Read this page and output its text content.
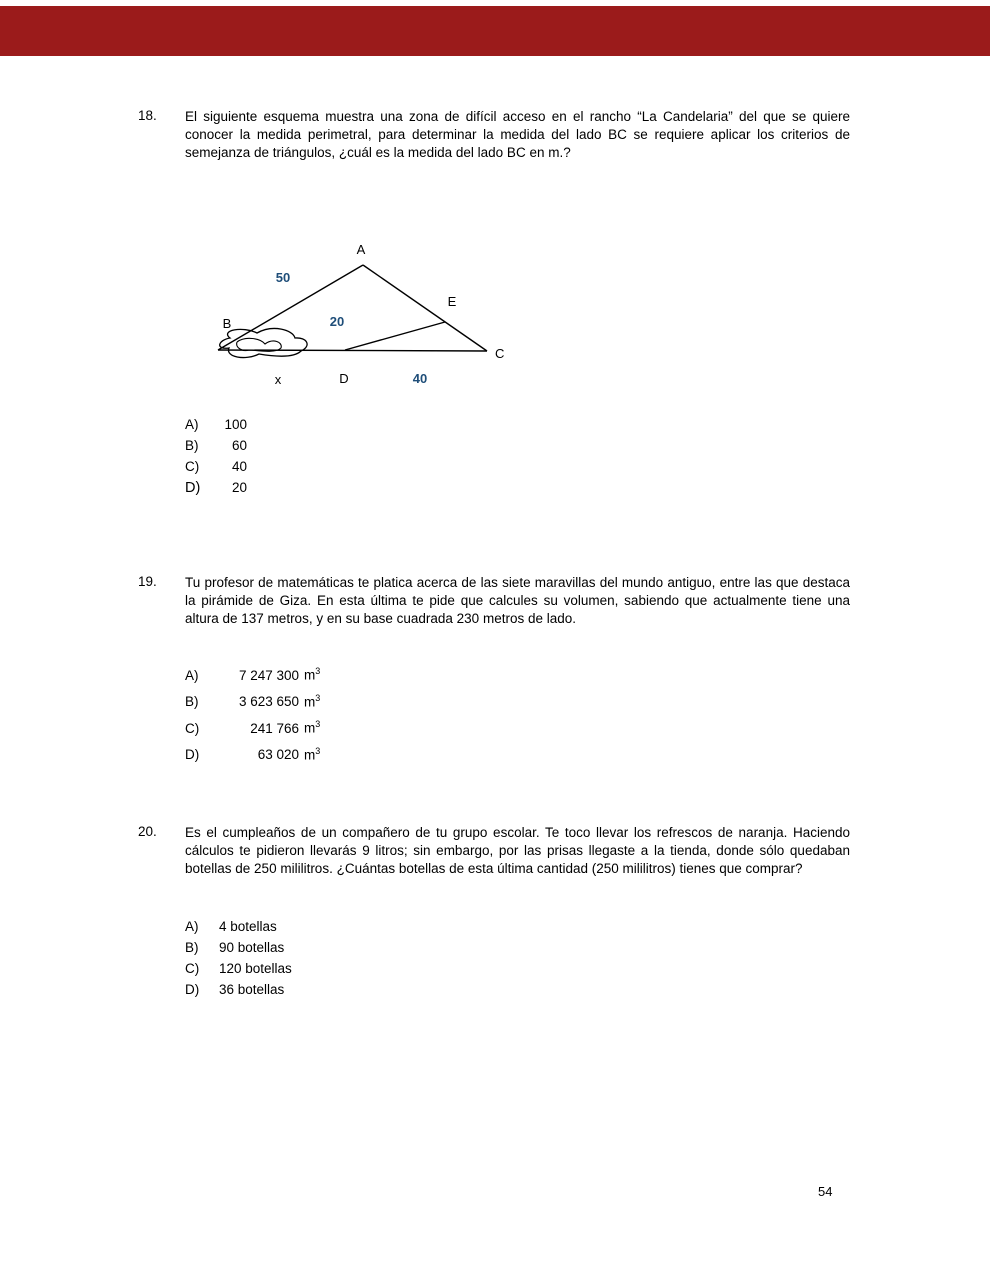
18.	El siguiente esquema muestra una zona de difícil acceso en el rancho “La Candelaria” del que se quiere conocer la medida perimetral, para determinar la medida del lado BC se requiere aplicar los criterios de semejanza de triángulos, ¿cuál es la medida del lado BC en m.?
A
B
C
D
E
50
20
40
x
A)	100
B)	60
C)	40
D)	20
19.	Tu profesor de matemáticas te platica acerca de las siete maravillas del mundo antiguo, entre las que destaca la pirámide de Giza. En esta última te pide que calcules su volumen, sabiendo que actualmente tiene una altura de 137 metros, y en su base cuadrada 230 metros de lado.
A)	7 247 300 $m^3$
B)	3 623 650 $m^3$
C)	241 766 $m^3$
D)	63 020 $m^3$
20.	Es el cumpleaños de un compañero de tu grupo escolar. Te toco llevar los refrescos de naranja. Haciendo cálculos te pidieron llevarás 9 litros; sin embargo, por las prisas llegaste a la tienda, donde sólo quedaban botellas de 250 mililitros. ¿Cuántas botellas de esta última cantidad (250 mililitros) tienes que comprar?
A)	4 botellas
B)	90 botellas
C)	120 botellas
D)	36 botellas
54
